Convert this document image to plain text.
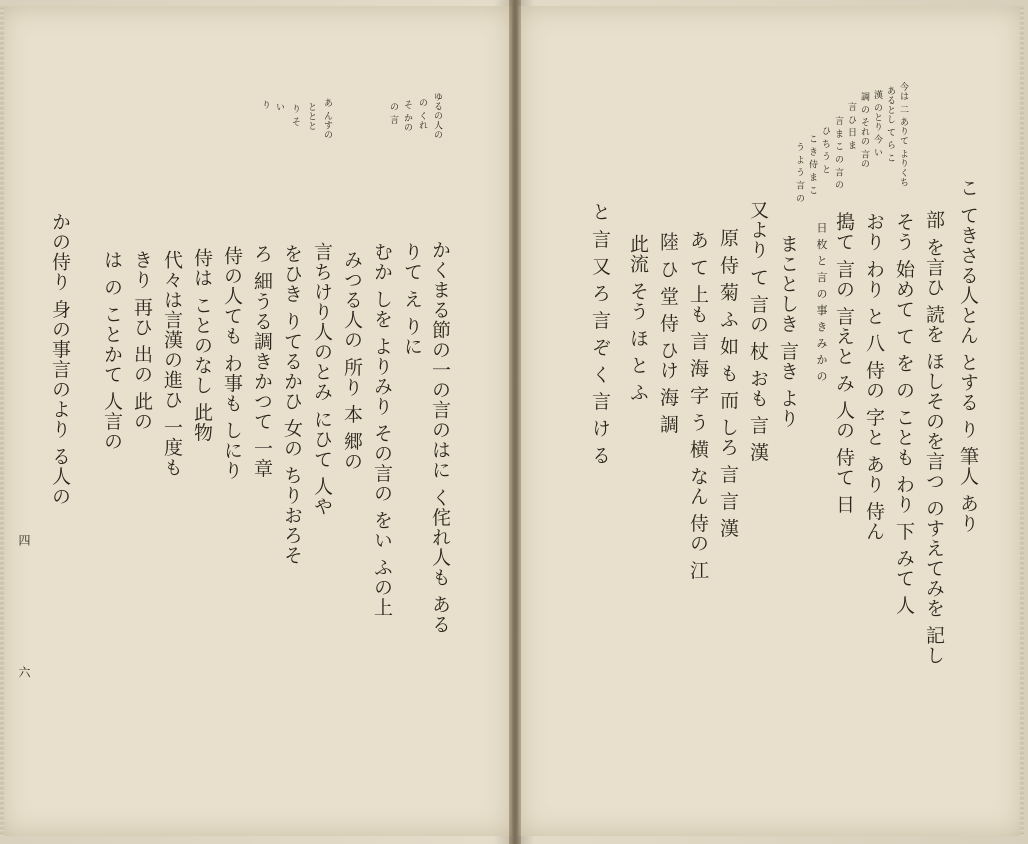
ゆるの人の
の くれ
そ かの
の 言
あ んすの
ととと
り そ
い
り
かくまる節の一の言のはに く侘れ人も ある
りて え りに
むか しを よりみり その言の をい ふの上
みつる人の 所り 本 郷の
言ちけり人のとみ にひて 人や
をひき りてるかひ 女の ちりおろそ
ろ 細うる調きかつて 一章
侍の人ても わ事も しにり
侍は ことのなし 此物
代々は言漢の進ひ 一度も
きり 再ひ 出の 此の
は の ことかて 人言の
かの侍り 身の事言のより る人の
四
六
今は 二 ありて よりくち
あるとし て ら こ
漢 のとり 今 い
調 の それの 言の
言 ひ 日 ま
言 ま こ の 言 の
ひ ち う と
こ き 侍 ま こ
う よ う 言 の
こ てきさる人とん とする り 筆人 あり
部 を言ひ 読を ほしそのを言つ のすえてみを 記し
そう 始めて て を の ことも わり 下 みて 人
おり わり と 八 侍の 字と あり 侍ん
搗て 言の 言えと み 人の 侍て 日
日 枚 と 言 の 事 き み か の
まことしき 言き より
又より て 言の 杖 おも 言 漢
原 侍 菊 ふ 如 も 而 しろ 言 言 漢
あ て 上も 言 海 字 う 横 なん 侍の 江
陸 ひ 堂 侍 ひけ 海 調
此流 そう ほ と ふ
と 言 又 ろ 言 ぞ く 言 け る
